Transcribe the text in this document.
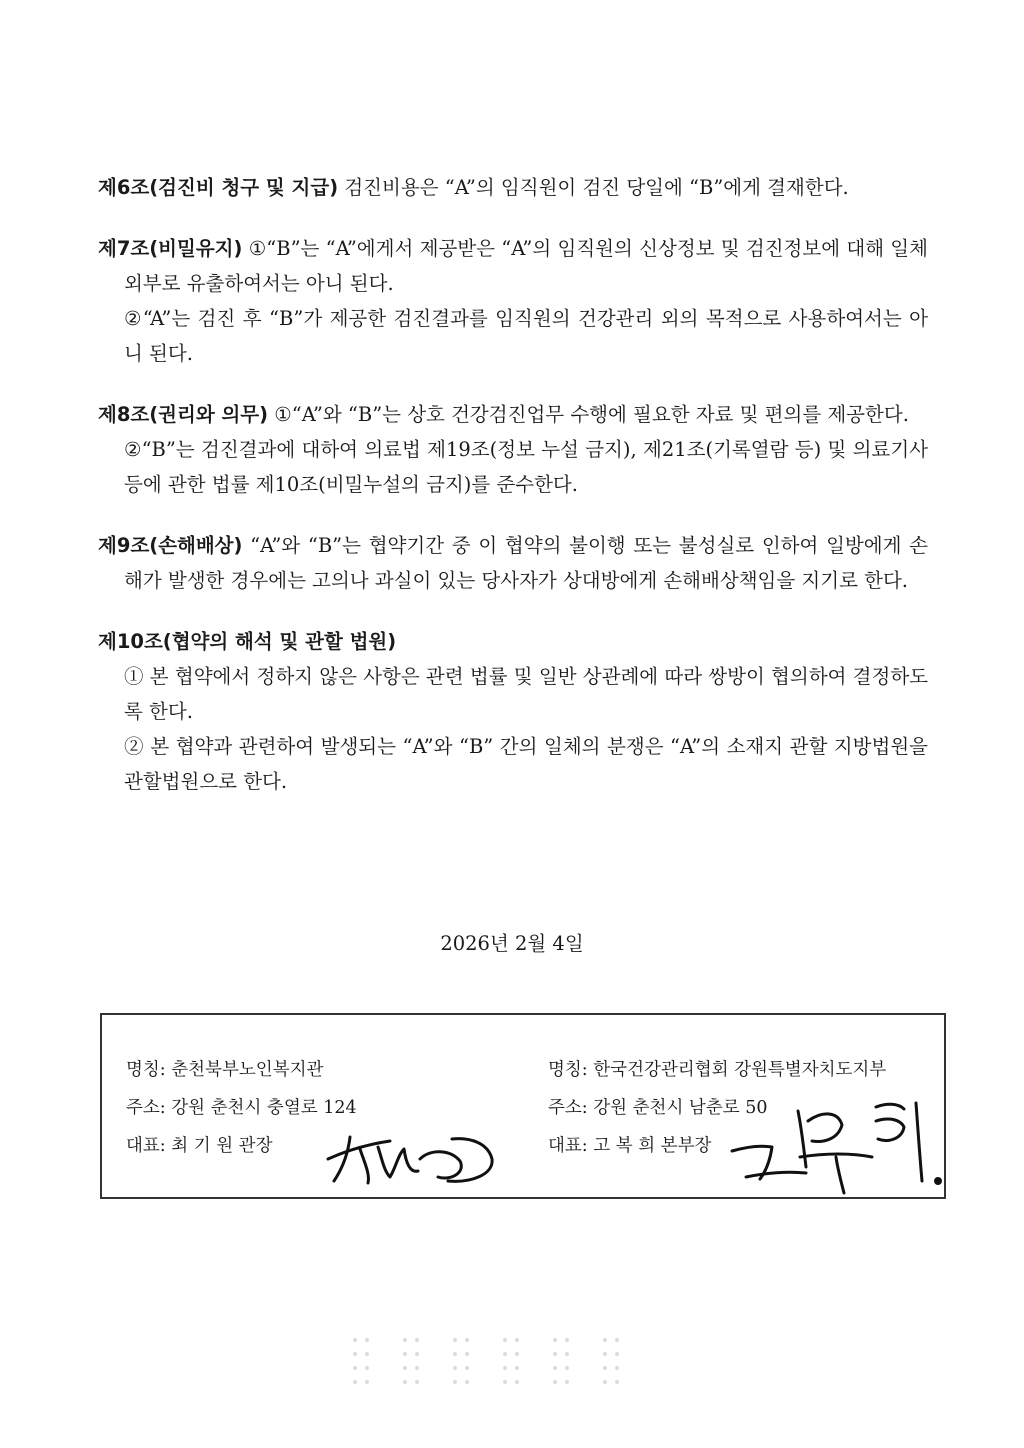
제6조(검진비 청구 및 지급) 검진비용은 “A”의 임직원이 검진 당일에 “B”에게 결재한다.

제7조(비밀유지) ①“B”는 “A”에게서 제공받은 “A”의 임직원의 신상정보 및 검진정보에 대해 일체 외부로 유출하여서는 아니 된다.

②“A”는 검진 후 “B”가 제공한 검진결과를 임직원의 건강관리 외의 목적으로 사용하여서는 아니 된다.

제8조(권리와 의무) ①“A”와 “B”는 상호 건강검진업무 수행에 필요한 자료 및 편의를 제공한다.

②“B”는 검진결과에 대하여 의료법 제19조(정보 누설 금지), 제21조(기록열람 등) 및 의료기사 등에 관한 법률 제10조(비밀누설의 금지)를 준수한다.

제9조(손해배상) “A”와 “B”는 협약기간 중 이 협약의 불이행 또는 불성실로 인하여 일방에게 손해가 발생한 경우에는 고의나 과실이 있는 당사자가 상대방에게 손해배상책임을 지기로 한다.

제10조(협약의 해석 및 관할 법원)

① 본 협약에서 정하지 않은 사항은 관련 법률 및 일반 상관례에 따라 쌍방이 협의하여 결정하도록 한다.

② 본 협약과 관련하여 발생되는 “A”와 “B” 간의 일체의 분쟁은 “A”의 소재지 관할 지방법원을 관할법원으로 한다.

2026년 2월 4일
명칭: 춘천북부노인복지관
주소: 강원 춘천시 충열로 124
대표: 최 기 원 관장
명칭: 한국건강관리협회 강원특별자치도지부
주소: 강원 춘천시 남춘로 50
대표: 고 복 희 본부장
